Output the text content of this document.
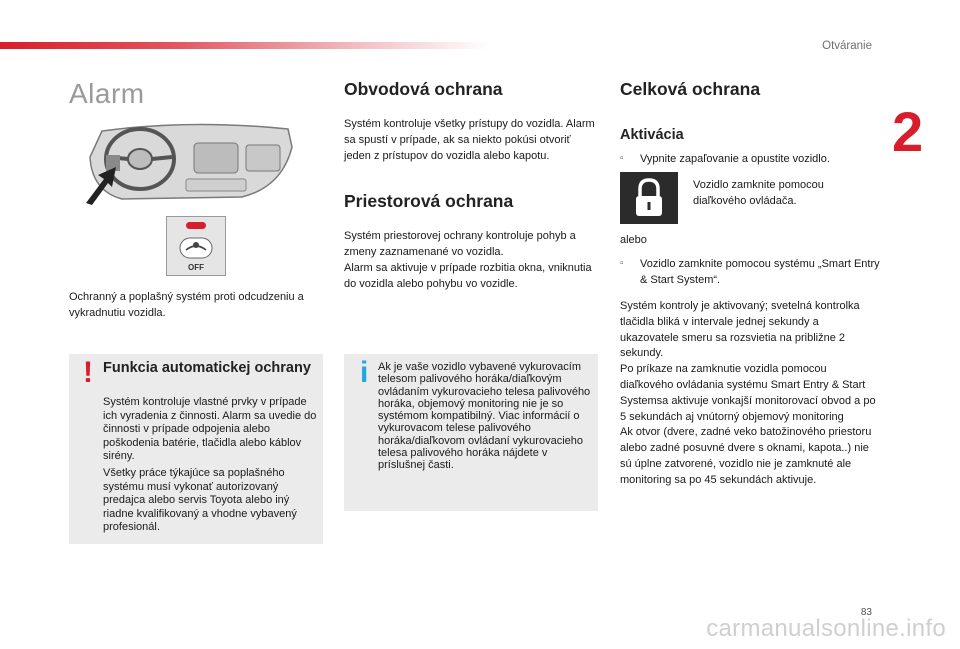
Otváranie
2
Alarm
OFF

Ochranný a poplašný systém proti odcudzeniu a vykradnutiu vozidla.

! Funkcia automatickej ochrany

Systém kontroluje vlastné prvky v prípade ich vyradenia z činnosti. Alarm sa uvedie do činnosti v prípade odpojenia alebo poškodenia batérie, tlačidla alebo káblov sirény.

Všetky práce týkajúce sa poplašného systému musí vykonať autorizovaný predajca alebo servis Toyota alebo iný riadne kvalifikovaný a vhodne vybavený profesionál.

Obvodová ochrana

Systém kontroluje všetky prístupy do vozidla. Alarm sa spustí v prípade, ak sa niekto pokúsi otvoriť jeden z prístupov do vozidla alebo kapotu.

Priestorová ochrana

Systém priestorovej ochrany kontroluje pohyb a zmeny zaznamenané vo vozidla.

Alarm sa aktivuje v prípade rozbitia okna, vniknutia do vozidla alebo pohybu vo vozidle.

i Ak je vaše vozidlo vybavené vykurovacím telesom palivového horáka/diaľkovým ovládaním vykurovacieho telesa palivového horáka, objemový monitoring nie je so systémom kompatibilný. Viac informácií o vykurovacom telese palivového horáka/diaľkovom ovládaní vykurovacieho telesa palivového horáka nájdete v príslušnej časti.

Celková ochrana
Aktivácia
▫	Vypnite zapaľovanie a opustite vozidlo.
Vozidlo zamknite pomocou diaľkového ovládača.

alebo

▫	Vozidlo zamknite pomocou systému „Smart Entry & Start System“.

Systém kontroly je aktivovaný; svetelná kontrolka tlačidla bliká v intervale jednej sekundy a ukazovatele smeru sa rozsvietia na približne 2 sekundy.
Po príkaze na zamknutie vozidla pomocou diaľkového ovládania systému Smart Entry & Start Systemsa aktivuje vonkajší monitorovací obvod a po 5 sekundách aj vnútorný objemový monitoring
Ak otvor (dvere, zadné veko batožinového priestoru alebo zadné posuvné dvere s oknami, kapota..) nie sú úplne zatvorené, vozidlo nie je zamknuté ale monitoring sa po 45 sekundách aktivuje.

83
carmanualsonline.info
